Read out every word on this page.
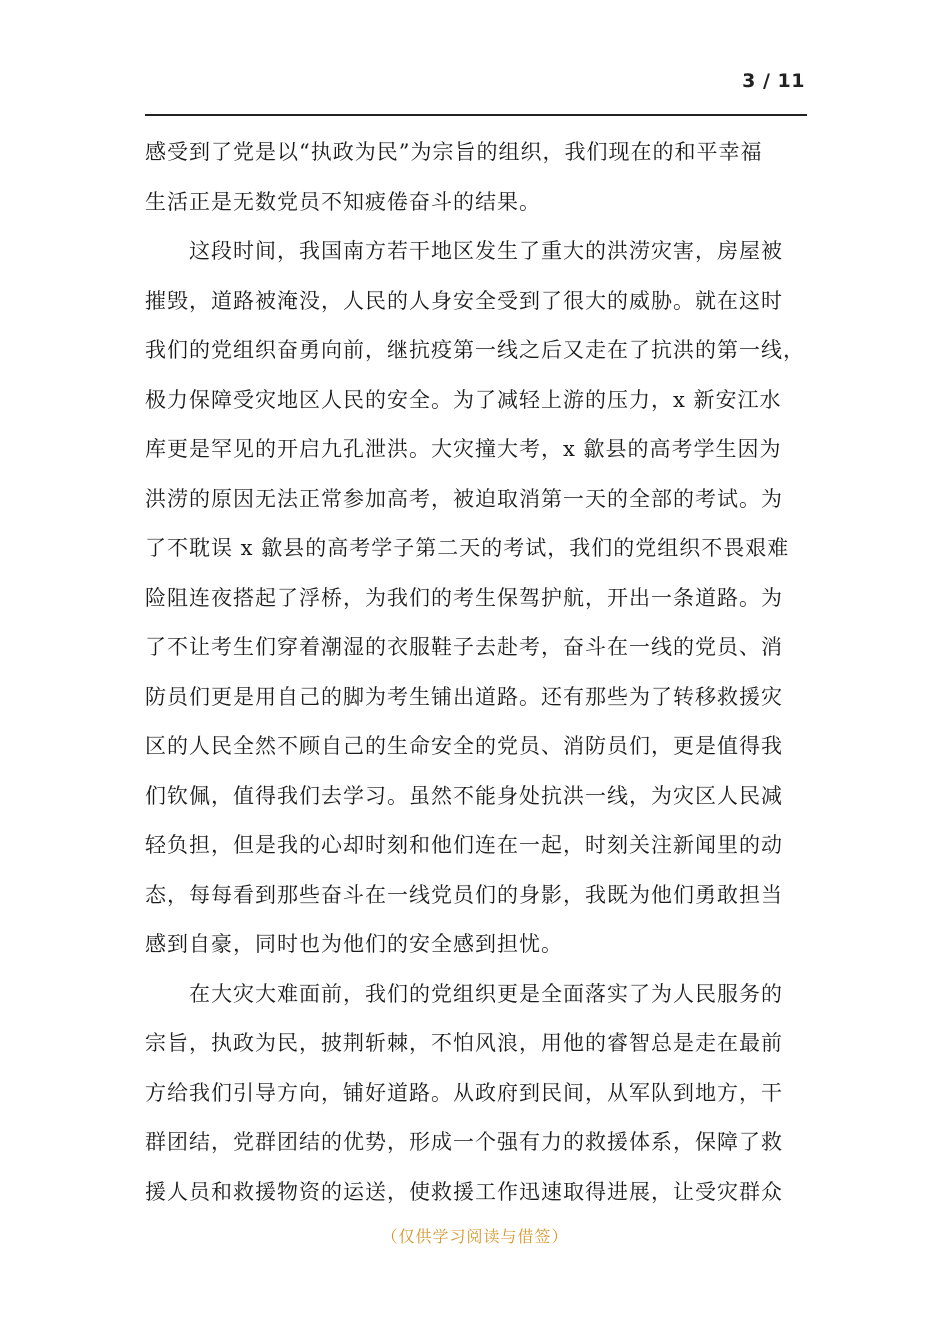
3 / 11
感受到了党是以“执政为民”为宗旨的组织，我们现在的和平幸福
生活正是无数党员不知疲倦奋斗的结果。
这段时间，我国南方若干地区发生了重大的洪涝灾害，房屋被
摧毁，道路被淹没，人民的人身安全受到了很大的威胁。就在这时
我们的党组织奋勇向前，继抗疫第一线之后又走在了抗洪的第一线，
极力保障受灾地区人民的安全。为了减轻上游的压力，x 新安江水
库更是罕见的开启九孔泄洪。大灾撞大考，x 歙县的高考学生因为
洪涝的原因无法正常参加高考，被迫取消第一天的全部的考试。为
了不耽误 x 歙县的高考学子第二天的考试，我们的党组织不畏艰难
险阻连夜搭起了浮桥，为我们的考生保驾护航，开出一条道路。为
了不让考生们穿着潮湿的衣服鞋子去赴考，奋斗在一线的党员、消
防员们更是用自己的脚为考生铺出道路。还有那些为了转移救援灾
区的人民全然不顾自己的生命安全的党员、消防员们，更是值得我
们钦佩，值得我们去学习。虽然不能身处抗洪一线，为灾区人民减
轻负担，但是我的心却时刻和他们连在一起，时刻关注新闻里的动
态，每每看到那些奋斗在一线党员们的身影，我既为他们勇敢担当
感到自豪，同时也为他们的安全感到担忧。
在大灾大难面前，我们的党组织更是全面落实了为人民服务的
宗旨，执政为民，披荆斩棘，不怕风浪，用他的睿智总是走在最前
方给我们引导方向，铺好道路。从政府到民间，从军队到地方，干
群团结，党群团结的优势，形成一个强有力的救援体系，保障了救
援人员和救援物资的运送，使救援工作迅速取得进展，让受灾群众
（仅供学习阅读与借签）
